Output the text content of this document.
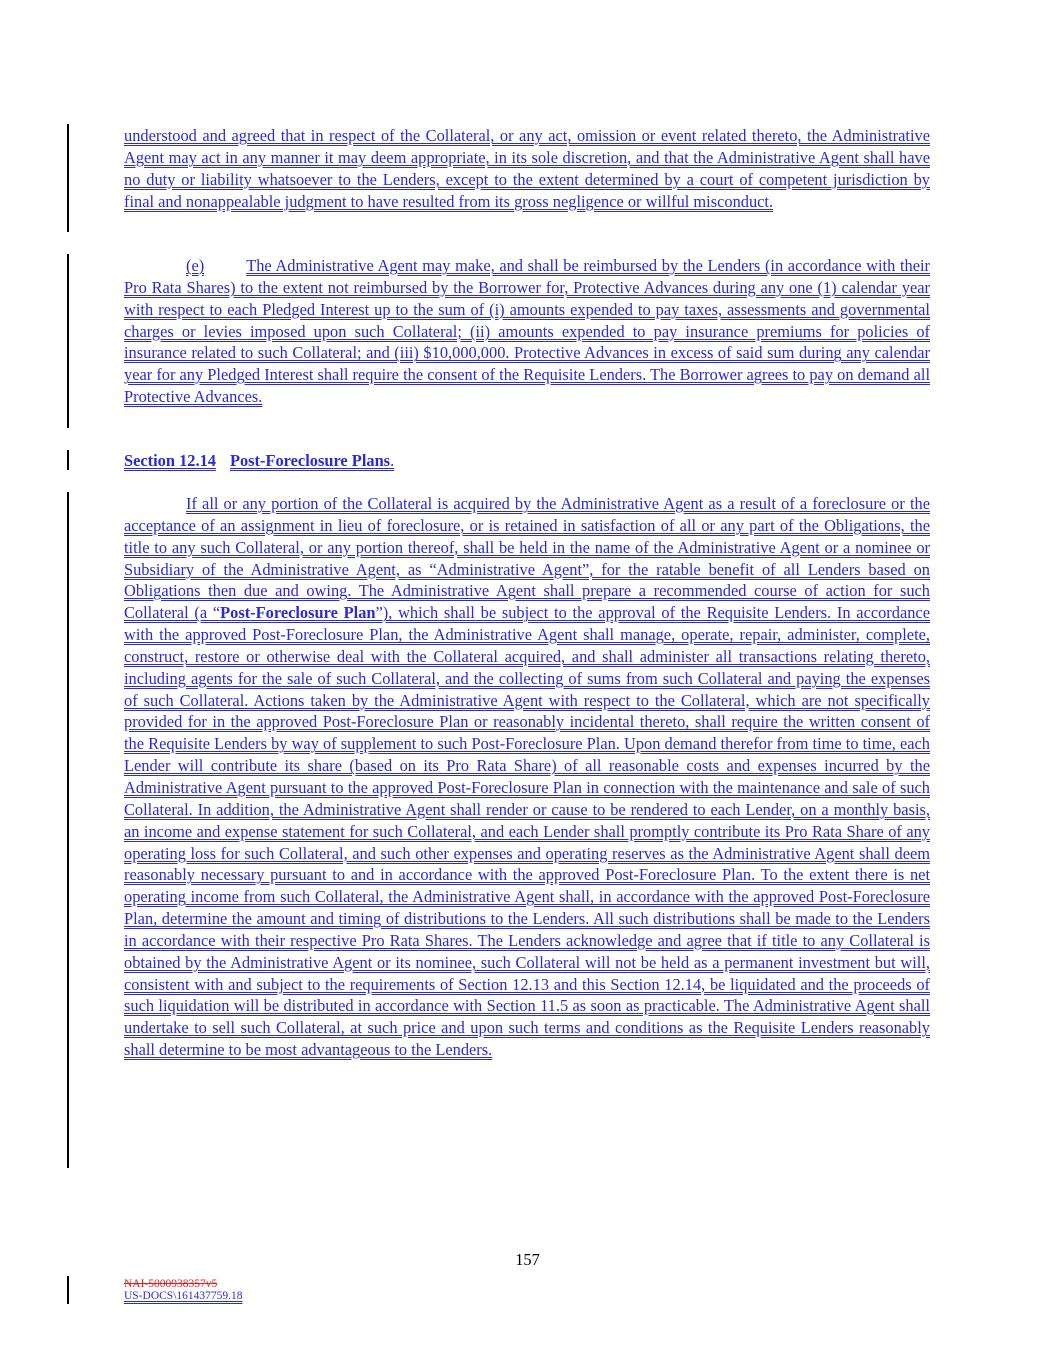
understood and agreed that in respect of the Collateral, or any act, omission or event related thereto, the Administrative Agent may act in any manner it may deem appropriate, in its sole discretion, and that the Administrative Agent shall have no duty or liability whatsoever to the Lenders, except to the extent determined by a court of competent jurisdiction by final and nonappealable judgment to have resulted from its gross negligence or willful misconduct.

(e)	The Administrative Agent may make, and shall be reimbursed by the Lenders (in accordance with their Pro Rata Shares) to the extent not reimbursed by the Borrower for, Protective Advances during any one (1) calendar year with respect to each Pledged Interest up to the sum of (i) amounts expended to pay taxes, assessments and governmental charges or levies imposed upon such Collateral; (ii) amounts expended to pay insurance premiums for policies of insurance related to such Collateral; and (iii) $10,000,000. Protective Advances in excess of said sum during any calendar year for any Pledged Interest shall require the consent of the Requisite Lenders. The Borrower agrees to pay on demand all Protective Advances.

Section 12.14 Post-Foreclosure Plans.

If all or any portion of the Collateral is acquired by the Administrative Agent as a result of a foreclosure or the acceptance of an assignment in lieu of foreclosure, or is retained in satisfaction of all or any part of the Obligations, the title to any such Collateral, or any portion thereof, shall be held in the name of the Administrative Agent or a nominee or Subsidiary of the Administrative Agent, as “Administrative Agent”, for the ratable benefit of all Lenders based on Obligations then due and owing. The Administrative Agent shall prepare a recommended course of action for such Collateral (a “Post-Foreclosure Plan”), which shall be subject to the approval of the Requisite Lenders. In accordance with the approved Post-Foreclosure Plan, the Administrative Agent shall manage, operate, repair, administer, complete, construct, restore or otherwise deal with the Collateral acquired, and shall administer all transactions relating thereto, including agents for the sale of such Collateral, and the collecting of sums from such Collateral and paying the expenses of such Collateral. Actions taken by the Administrative Agent with respect to the Collateral, which are not specifically provided for in the approved Post-Foreclosure Plan or reasonably incidental thereto, shall require the written consent of the Requisite Lenders by way of supplement to such Post-Foreclosure Plan. Upon demand therefor from time to time, each Lender will contribute its share (based on its Pro Rata Share) of all reasonable costs and expenses incurred by the Administrative Agent pursuant to the approved Post-Foreclosure Plan in connection with the maintenance and sale of such Collateral. In addition, the Administrative Agent shall render or cause to be rendered to each Lender, on a monthly basis, an income and expense statement for such Collateral, and each Lender shall promptly contribute its Pro Rata Share of any operating loss for such Collateral, and such other expenses and operating reserves as the Administrative Agent shall deem reasonably necessary pursuant to and in accordance with the approved Post-Foreclosure Plan. To the extent there is net operating income from such Collateral, the Administrative Agent shall, in accordance with the approved Post-Foreclosure Plan, determine the amount and timing of distributions to the Lenders. All such distributions shall be made to the Lenders in accordance with their respective Pro Rata Shares. The Lenders acknowledge and agree that if title to any Collateral is obtained by the Administrative Agent or its nominee, such Collateral will not be held as a permanent investment but will, consistent with and subject to the requirements of Section 12.13 and this Section 12.14, be liquidated and the proceeds of such liquidation will be distributed in accordance with Section 11.5 as soon as practicable. The Administrative Agent shall undertake to sell such Collateral, at such price and upon such terms and conditions as the Requisite Lenders reasonably shall determine to be most advantageous to the Lenders.

157
NAI-5000938357v5
US-DOCS\161437759.18
